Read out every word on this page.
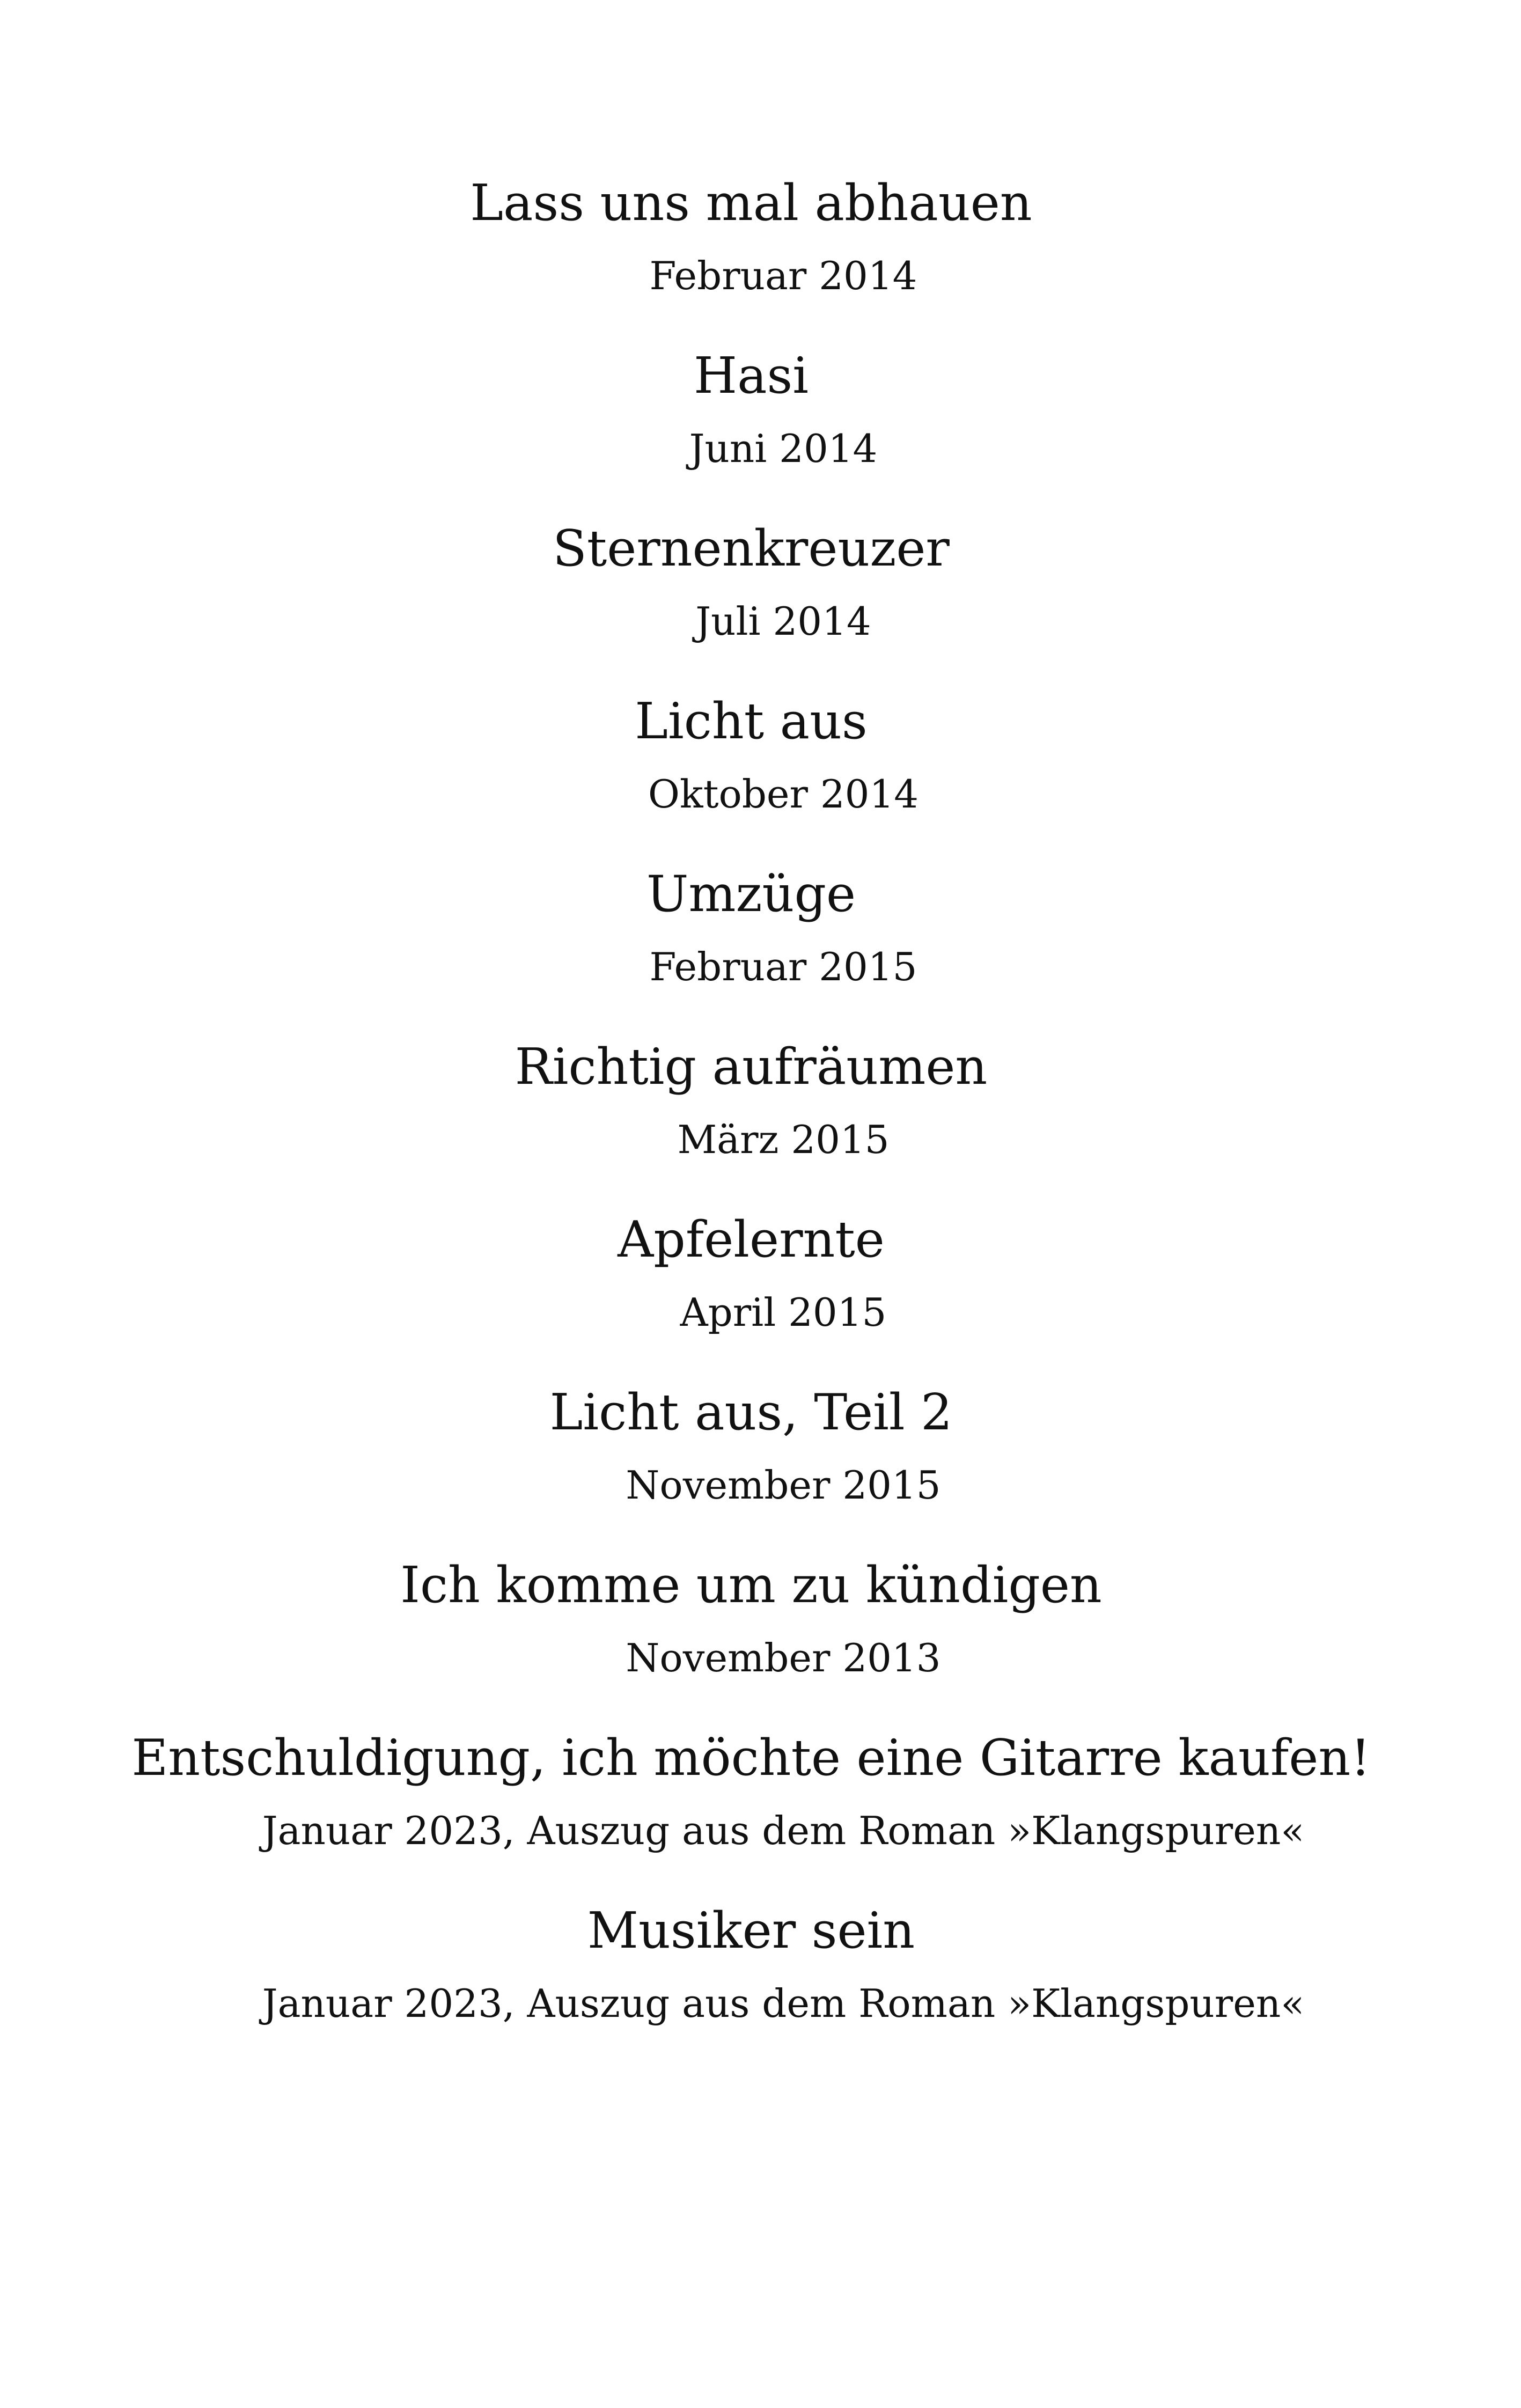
Lass uns mal abhauen
Februar 2014
Hasi
Juni 2014
Sternenkreuzer
Juli 2014
Licht aus
Oktober 2014
Umzüge
Februar 2015
Richtig aufräumen
März 2015
Apfelernte
April 2015
Licht aus, Teil 2
November 2015
Ich komme um zu kündigen
November 2013
Entschuldigung, ich möchte eine Gitarre kaufen!
Januar 2023, Auszug aus dem Roman »Klangspuren«
Musiker sein
Januar 2023, Auszug aus dem Roman »Klangspuren«
